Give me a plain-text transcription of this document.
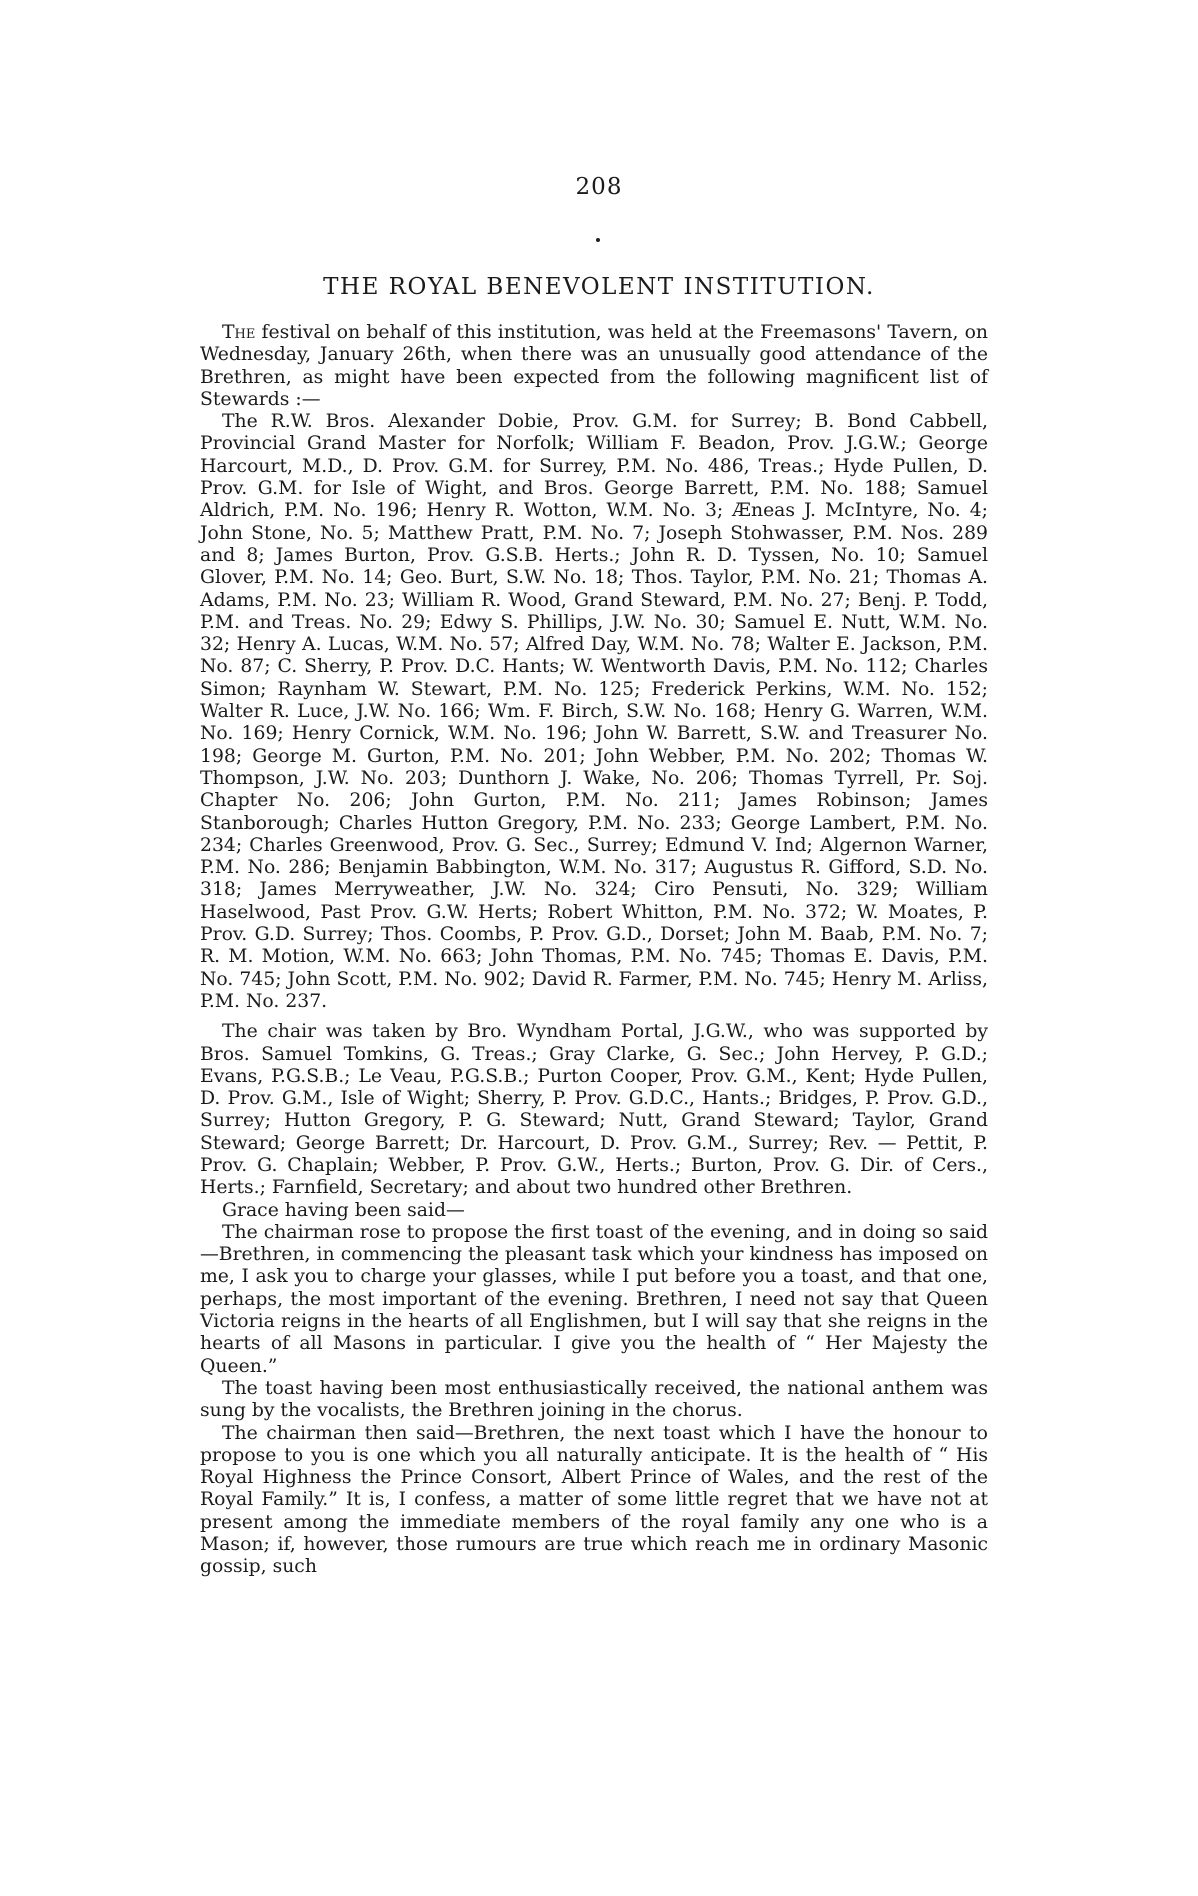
208
THE ROYAL BENEVOLENT INSTITUTION.

The festival on behalf of this institution, was held at the Freemasons' Tavern, on Wednesday, January 26th, when there was an unusually good attendance of the Brethren, as might have been expected from the following magnificent list of Stewards :—

The R.W. Bros. Alexander Dobie, Prov. G.M. for Surrey; B. Bond Cabbell, Provincial Grand Master for Norfolk; William F. Beadon, Prov. J.G.W.; George Harcourt, M.D., D. Prov. G.M. for Surrey, P.M. No. 486, Treas.; Hyde Pullen, D. Prov. G.M. for Isle of Wight, and Bros. George Barrett, P.M. No. 188; Samuel Aldrich, P.M. No. 196; Henry R. Wotton, W.M. No. 3; Æneas J. McIntyre, No. 4; John Stone, No. 5; Matthew Pratt, P.M. No. 7; Joseph Stohwasser, P.M. Nos. 289 and 8; James Burton, Prov. G.S.B. Herts.; John R. D. Tyssen, No. 10; Samuel Glover, P.M. No. 14; Geo. Burt, S.W. No. 18; Thos. Taylor, P.M. No. 21; Thomas A. Adams, P.M. No. 23; William R. Wood, Grand Steward, P.M. No. 27; Benj. P. Todd, P.M. and Treas. No. 29; Edwy S. Phillips, J.W. No. 30; Samuel E. Nutt, W.M. No. 32; Henry A. Lucas, W.M. No. 57; Alfred Day, W.M. No. 78; Walter E. Jackson, P.M. No. 87; C. Sherry, P. Prov. D.C. Hants; W. Wentworth Davis, P.M. No. 112; Charles Simon; Raynham W. Stewart, P.M. No. 125; Frederick Perkins, W.M. No. 152; Walter R. Luce, J.W. No. 166; Wm. F. Birch, S.W. No. 168; Henry G. Warren, W.M. No. 169; Henry Cornick, W.M. No. 196; John W. Barrett, S.W. and Treasurer No. 198; George M. Gurton, P.M. No. 201; John Webber, P.M. No. 202; Thomas W. Thompson, J.W. No. 203; Dunthorn J. Wake, No. 206; Thomas Tyrrell, Pr. Soj. Chapter No. 206; John Gurton, P.M. No. 211; James Robinson; James Stanborough; Charles Hutton Gregory, P.M. No. 233; George Lambert, P.M. No. 234; Charles Greenwood, Prov. G. Sec., Surrey; Edmund V. Ind; Algernon Warner, P.M. No. 286; Benjamin Babbington, W.M. No. 317; Augustus R. Gifford, S.D. No. 318; James Merryweather, J.W. No. 324; Ciro Pensuti, No. 329; William Haselwood, Past Prov. G.W. Herts; Robert Whitton, P.M. No. 372; W. Moates, P. Prov. G.D. Surrey; Thos. Coombs, P. Prov. G.D., Dorset; John M. Baab, P.M. No. 7; R. M. Motion, W.M. No. 663; John Thomas, P.M. No. 745; Thomas E. Davis, P.M. No. 745; John Scott, P.M. No. 902; David R. Farmer, P.M. No. 745; Henry M. Arliss, P.M. No. 237.

The chair was taken by Bro. Wyndham Portal, J.G.W., who was supported by Bros. Samuel Tomkins, G. Treas.; Gray Clarke, G. Sec.; John Hervey, P. G.D.; Evans, P.G.S.B.; Le Veau, P.G.S.B.; Purton Cooper, Prov. G.M., Kent; Hyde Pullen, D. Prov. G.M., Isle of Wight; Sherry, P. Prov. G.D.C., Hants.; Bridges, P. Prov. G.D., Surrey; Hutton Gregory, P. G. Steward; Nutt, Grand Steward; Taylor, Grand Steward; George Barrett; Dr. Harcourt, D. Prov. G.M., Surrey; Rev. — Pettit, P. Prov. G. Chaplain; Webber, P. Prov. G.W., Herts.; Burton, Prov. G. Dir. of Cers., Herts.; Farnfield, Secretary; and about two hundred other Brethren.

Grace having been said—

The chairman rose to propose the first toast of the evening, and in doing so said—Brethren, in commencing the pleasant task which your kindness has imposed on me, I ask you to charge your glasses, while I put before you a toast, and that one, perhaps, the most important of the evening. Brethren, I need not say that Queen Victoria reigns in the hearts of all Englishmen, but I will say that she reigns in the hearts of all Masons in particular. I give you the health of “ Her Majesty the Queen.”

The toast having been most enthusiastically received, the national anthem was sung by the vocalists, the Brethren joining in the chorus.

The chairman then said—Brethren, the next toast which I have the honour to propose to you is one which you all naturally anticipate. It is the health of “ His Royal Highness the Prince Consort, Albert Prince of Wales, and the rest of the Royal Family.” It is, I confess, a matter of some little regret that we have not at present among the immediate members of the royal family any one who is a Mason; if, however, those rumours are true which reach me in ordinary Masonic gossip, such
